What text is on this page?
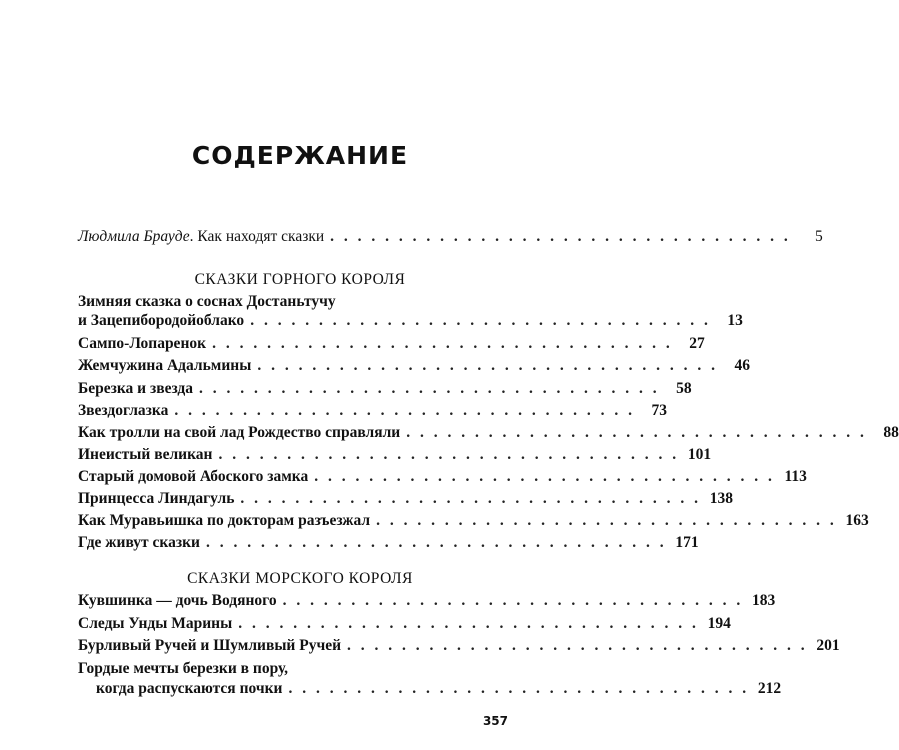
СОДЕРЖАНИЕ
Людмила Брауде. Как находят сказки . . . . . . . . . . . . . . . . . . . . . . . . . . . . . . . . . .	5
СКАЗКИ ГОРНОГО КОРОЛЯ
Зимняя сказка о соснах Достаньтучу
и Зацепибородойоблако . . . . . . . . . . . . . . . . . . . . . . . . . . . . . . . . . .	13
Сампо-Лопаренок . . . . . . . . . . . . . . . . . . . . . . . . . . . . . . . . . .	27
Жемчужина Адальмины . . . . . . . . . . . . . . . . . . . . . . . . . . . . . . . . . .	46
Березка и звезда . . . . . . . . . . . . . . . . . . . . . . . . . . . . . . . . . .	58
Звездоглазка . . . . . . . . . . . . . . . . . . . . . . . . . . . . . . . . . .	73
Как тролли на свой лад Рождество справляли . . . . . . . . . . . . . . . . . . . . . . . . . . . . . . . . . .	88
Инеистый великан . . . . . . . . . . . . . . . . . . . . . . . . . . . . . . . . . . 101
Старый домовой Абоского замка . . . . . . . . . . . . . . . . . . . . . . . . . . . . . . . . . . 113
Принцесса Линдагуль . . . . . . . . . . . . . . . . . . . . . . . . . . . . . . . . . . 138
Как Муравьишка по докторам разъезжал . . . . . . . . . . . . . . . . . . . . . . . . . . . . . . . . . . 163
Где живут сказки . . . . . . . . . . . . . . . . . . . . . . . . . . . . . . . . . . 171
СКАЗКИ МОРСКОГО КОРОЛЯ
Кувшинка — дочь Водяного . . . . . . . . . . . . . . . . . . . . . . . . . . . . . . . . . . 183
Следы Унды Марины . . . . . . . . . . . . . . . . . . . . . . . . . . . . . . . . . . 194
Бурливый Ручей и Шумливый Ручей . . . . . . . . . . . . . . . . . . . . . . . . . . . . . . . . . . 201
Гордые мечты березки в пору,
когда распускаются почки . . . . . . . . . . . . . . . . . . . . . . . . . . . . . . . . . . 212
357
